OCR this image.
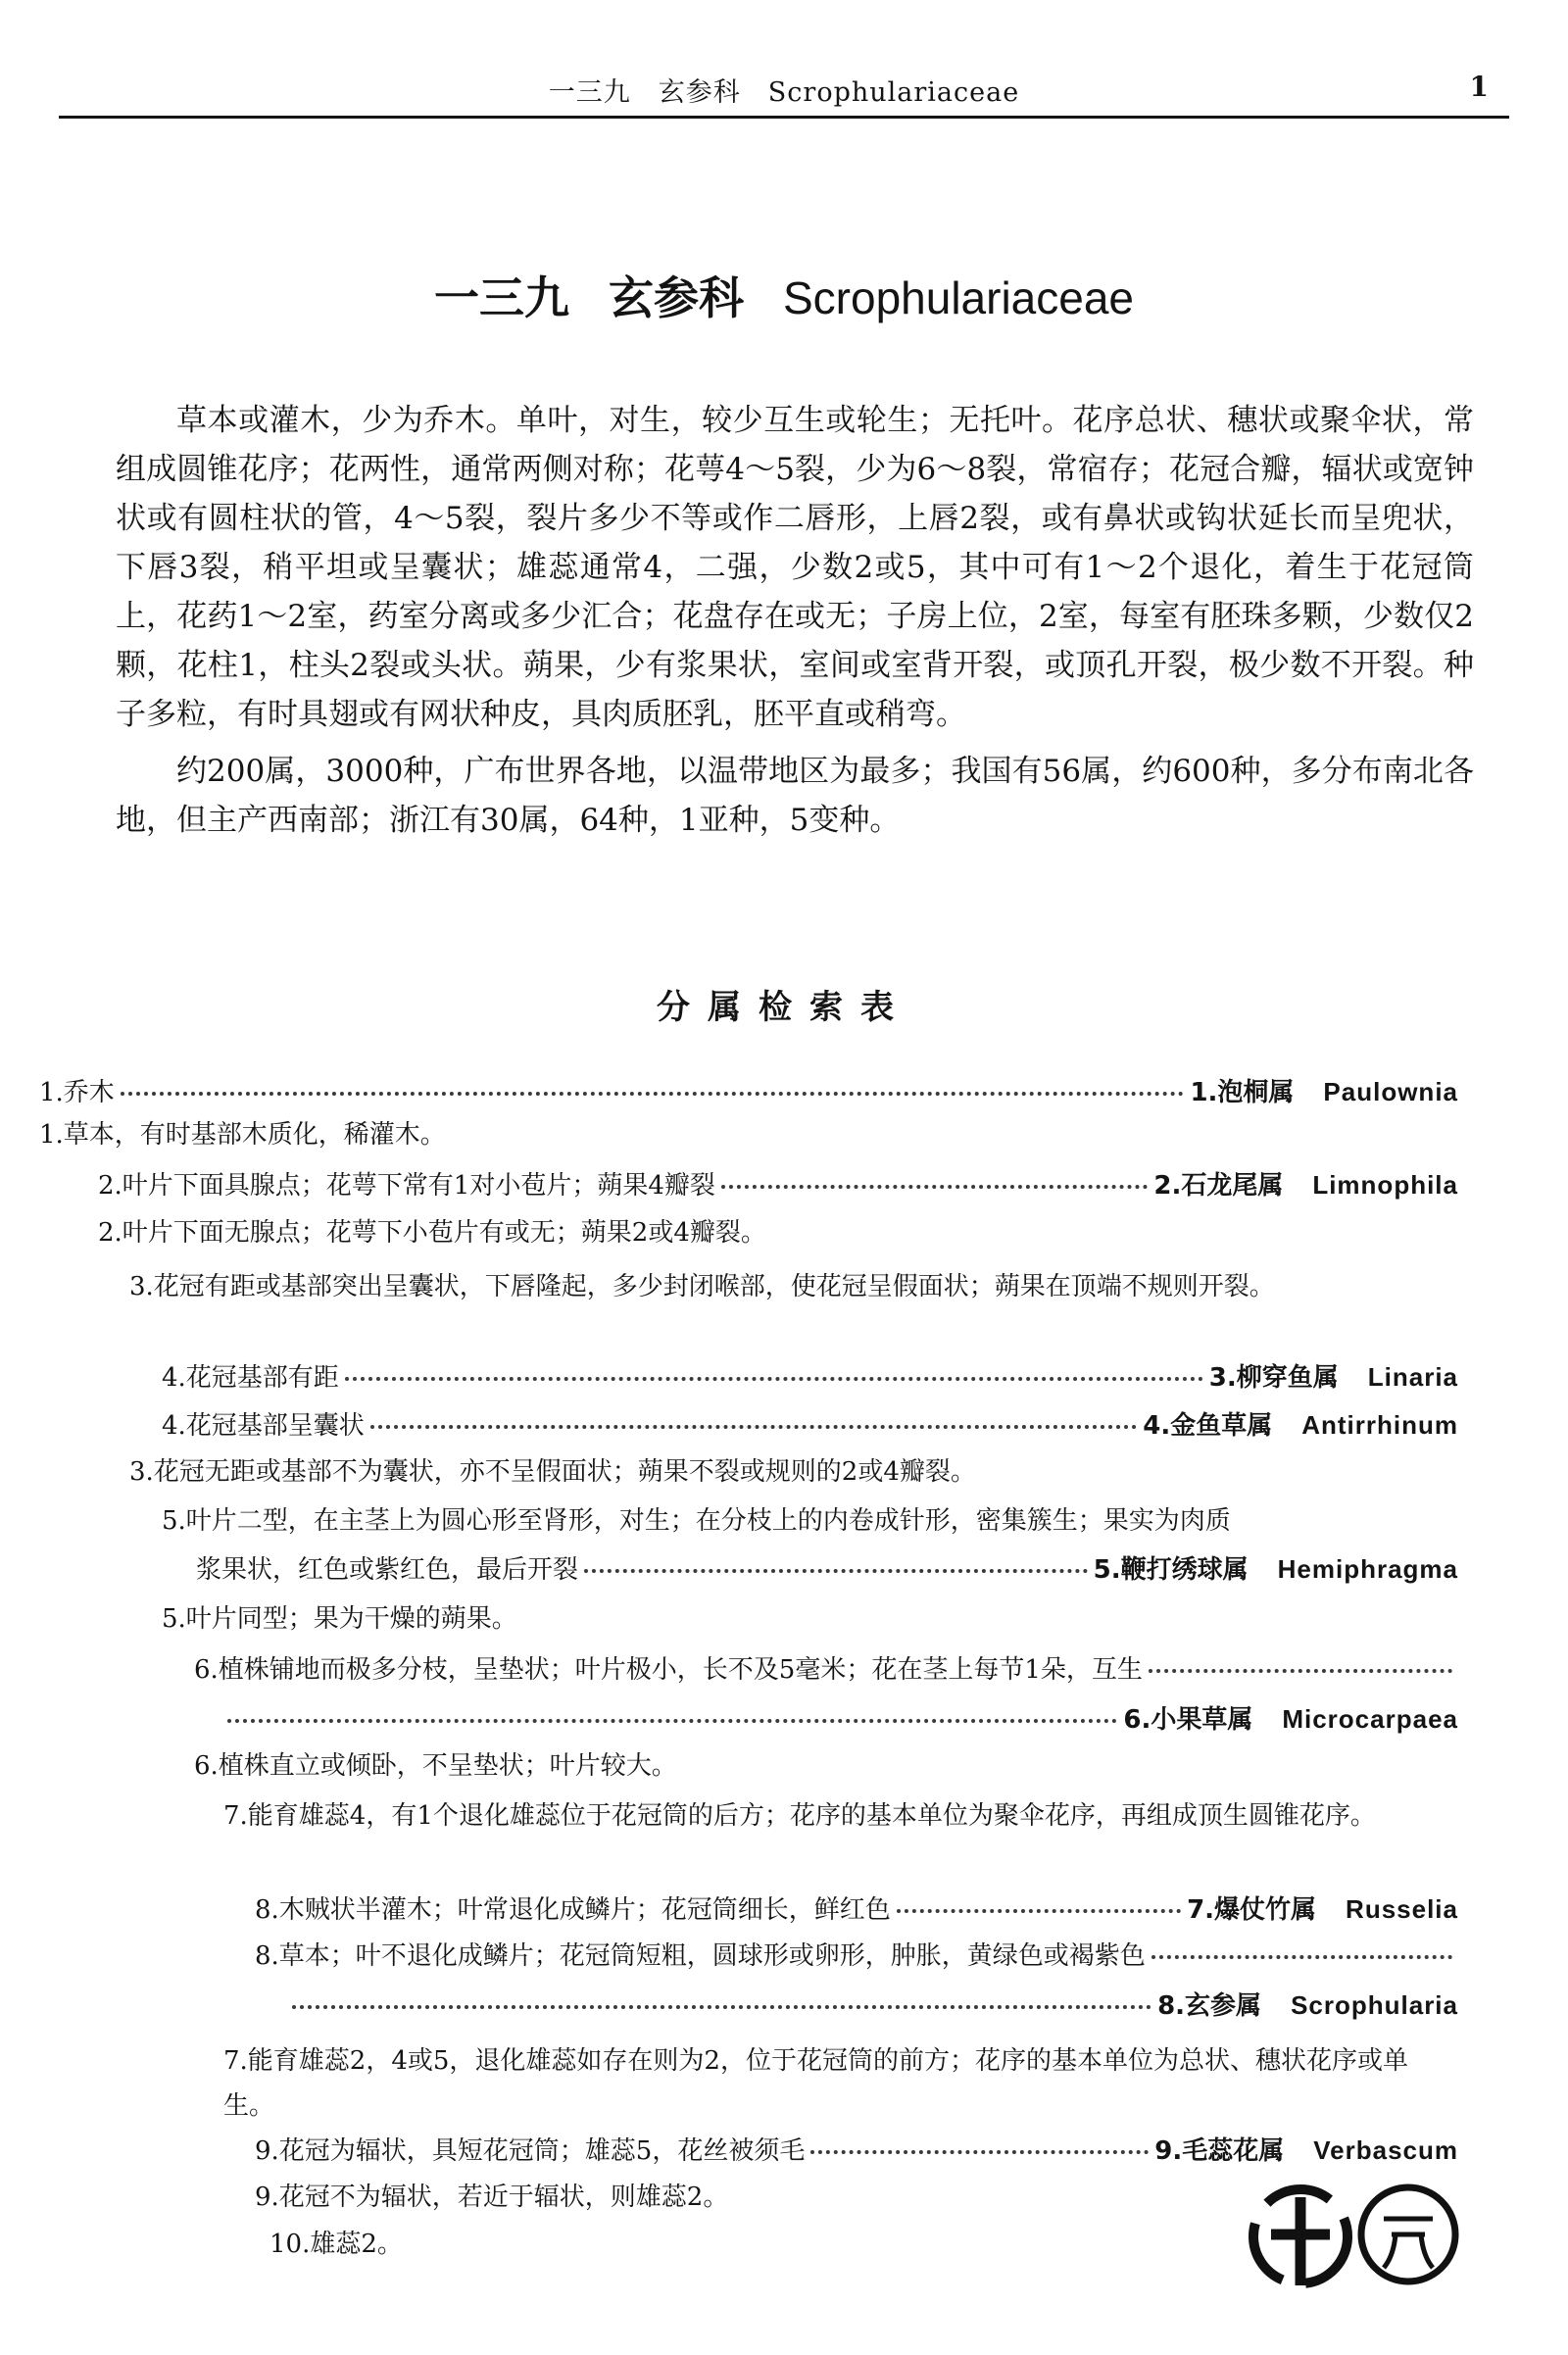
一三九　玄参科　Scrophulariaceae	1
一三九 玄参科 Scrophulariaceae

草本或灌木，少为乔木。单叶，对生，较少互生或轮生；无托叶。花序总状、穗状或聚伞状，常组成圆锥花序；花两性，通常两侧对称；花萼4～5裂，少为6～8裂，常宿存；花冠合瓣，辐状或宽钟状或有圆柱状的管，4～5裂，裂片多少不等或作二唇形，上唇2裂，或有鼻状或钩状延长而呈兜状，下唇3裂，稍平坦或呈囊状；雄蕊通常4，二强，少数2或5，其中可有1～2个退化，着生于花冠筒上，花药1～2室，药室分离或多少汇合；花盘存在或无；子房上位，2室，每室有胚珠多颗，少数仅2颗，花柱1，柱头2裂或头状。蒴果，少有浆果状，室间或室背开裂，或顶孔开裂，极少数不开裂。种子多粒，有时具翅或有网状种皮，具肉质胚乳，胚平直或稍弯。

约200属，3000种，广布世界各地，以温带地区为最多；我国有56属，约600种，多分布南北各地，但主产西南部；浙江有30属，64种，1亚种，5变种。

分属检索表
1.乔木	1.泡桐属 Paulownia
1.草本，有时基部木质化，稀灌木。
2.叶片下面具腺点；花萼下常有1对小苞片；蒴果4瓣裂	2.石龙尾属 Limnophila
2.叶片下面无腺点；花萼下小苞片有或无；蒴果2或4瓣裂。
3.花冠有距或基部突出呈囊状，下唇隆起，多少封闭喉部，使花冠呈假面状；蒴果在顶端不规则开裂。
4.花冠基部有距	3.柳穿鱼属 Linaria
4.花冠基部呈囊状	4.金鱼草属 Antirrhinum
3.花冠无距或基部不为囊状，亦不呈假面状；蒴果不裂或规则的2或4瓣裂。
5.叶片二型，在主茎上为圆心形至肾形，对生；在分枝上的内卷成针形，密集簇生；果实为肉质
浆果状，红色或紫红色，最后开裂	5.鞭打绣球属 Hemiphragma
5.叶片同型；果为干燥的蒴果。
6.植株铺地而极多分枝，呈垫状；叶片极小，长不及5毫米；花在茎上每节1朵，互生
6.小果草属 Microcarpaea
6.植株直立或倾卧，不呈垫状；叶片较大。
7.能育雄蕊4，有1个退化雄蕊位于花冠筒的后方；花序的基本单位为聚伞花序，再组成顶生圆锥花序。
8.木贼状半灌木；叶常退化成鳞片；花冠筒细长，鲜红色	7.爆仗竹属 Russelia
8.草本；叶不退化成鳞片；花冠筒短粗，圆球形或卵形，肿胀，黄绿色或褐紫色
8.玄参属 Scrophularia
7.能育雄蕊2，4或5，退化雄蕊如存在则为2，位于花冠筒的前方；花序的基本单位为总状、穗状花序或单生。
9.花冠为辐状，具短花冠筒；雄蕊5，花丝被须毛	9.毛蕊花属 Verbascum
9.花冠不为辐状，若近于辐状，则雄蕊2。
10.雄蕊2。
